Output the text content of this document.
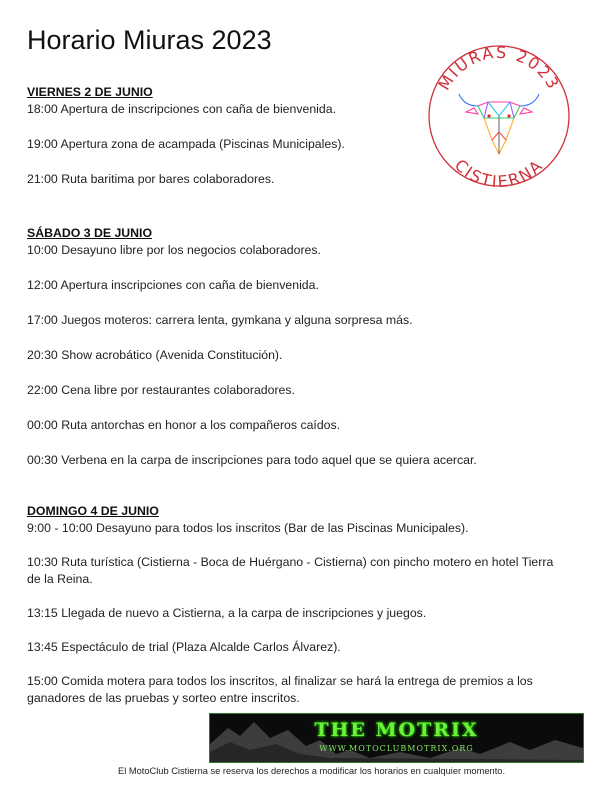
Horario Miuras 2023
MIURAS 2023
CISTIERNA

VIERNES 2 DE JUNIO

18:00 Apertura de inscripciones con caña de bienvenida.

19:00 Apertura zona de acampada (Piscinas Municipales).

21:00 Ruta baritima por bares colaboradores.

SÁBADO 3 DE JUNIO

10:00 Desayuno libre por los negocios colaboradores.

12:00 Apertura inscripciones con caña de bienvenida.

17:00 Juegos moteros: carrera lenta, gymkana y alguna sorpresa más.

20:30 Show acrobático (Avenida Constitución).

22:00 Cena libre por restaurantes colaboradores.

00:00 Ruta antorchas en honor a los compañeros caídos.

00:30 Verbena en la carpa de inscripciones para todo aquel que se quiera acercar.

DOMINGO 4 DE JUNIO

9:00 - 10:00 Desayuno para todos los inscritos (Bar de las Piscinas Municipales).

10:30 Ruta turística (Cistierna - Boca de Huérgano - Cistierna) con pincho motero en hotel Tierra de la Reina.

13:15 Llegada de nuevo a Cistierna, a la carpa de inscripciones y juegos.

13:45 Espectáculo de trial (Plaza Alcalde Carlos Álvarez).

15:00 Comida motera para todos los inscritos, al finalizar se hará la entrega de premios a los ganadores de las pruebas y sorteo entre inscritos.

THE MOTRIX
WWW.MOTOCLUBMOTRIX.ORG
El MotoClub Cistierna se reserva los derechos a modificar los horarios en cualquier momento.
